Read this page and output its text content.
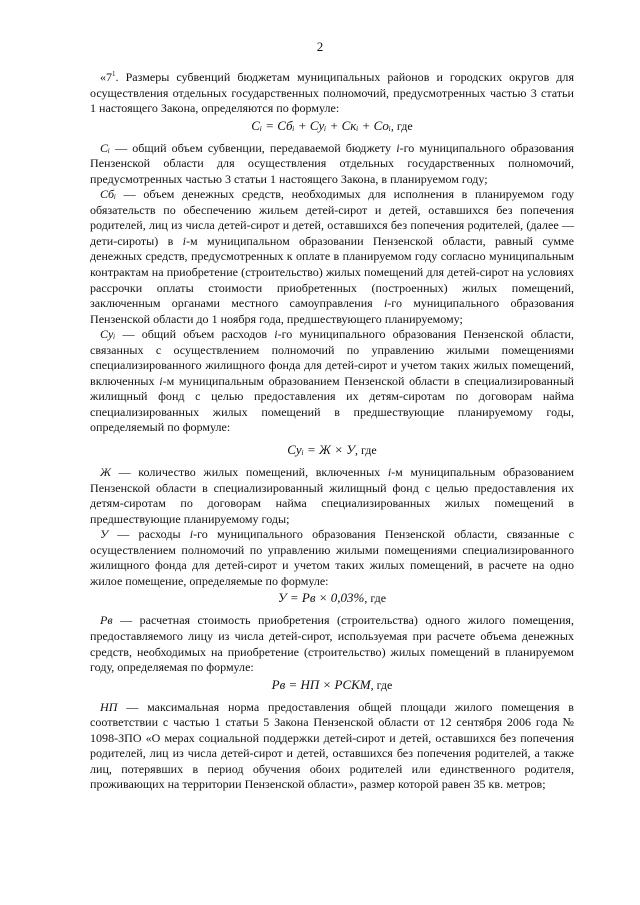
2

«$7^1$. Размеры субвенций бюджетам муниципальных районов и городских округов для осуществления отдельных государственных полномочий, предусмотренных частью 3 статьи 1 настоящего Закона, определяются по формуле:

Cᵢ = Cбᵢ + Cуᵢ + Cкᵢ + Cоᵢ, где

Cᵢ — общий объем субвенции, передаваемой бюджету i-го муниципального образования Пензенской области для осуществления отдельных государственных полномочий, предусмотренных частью 3 статьи 1 настоящего Закона, в планируемом году;

Cбᵢ — объем денежных средств, необходимых для исполнения в планируемом году обязательств по обеспечению жильем детей-сирот и детей, оставшихся без попечения родителей, лиц из числа детей-сирот и детей, оставшихся без попечения родителей, (далее — дети-сироты) в i-м муниципальном образовании Пензенской области, равный сумме денежных средств, предусмотренных к оплате в планируемом году согласно муниципальным контрактам на приобретение (строительство) жилых помещений для детей-сирот на условиях рассрочки оплаты стоимости приобретенных (построенных) жилых помещений, заключенным органами местного самоуправления i-го муниципального образования Пензенской области до 1 ноября года, предшествующего планируемому;

Cуᵢ — общий объем расходов i-го муниципального образования Пензенской области, связанных с осуществлением полномочий по управлению жилыми помещениями специализированного жилищного фонда для детей-сирот и учетом таких жилых помещений, включенных i-м муниципальным образованием Пензенской области в специализированный жилищный фонд с целью предоставления их детям-сиротам по договорам найма специализированных жилых помещений в предшествующие планируемому годы, определяемый по формуле:

Cуᵢ = Ж × У, где

Ж — количество жилых помещений, включенных i-м муниципальным образованием Пензенской области в специализированный жилищный фонд с целью предоставления их детям-сиротам по договорам найма специализированных жилых помещений в предшествующие планируемому годы;

У — расходы i-го муниципального образования Пензенской области, связанные с осуществлением полномочий по управлению жилыми помещениями специализированного жилищного фонда для детей-сирот и учетом таких жилых помещений, в расчете на одно жилое помещение, определяемые по формуле:

У = Рв × 0,03%, где

Рв — расчетная стоимость приобретения (строительства) одного жилого помещения, предоставляемого лицу из числа детей-сирот, используемая при расчете объема денежных средств, необходимых на приобретение (строительство) жилых помещений в планируемом году, определяемая по формуле:

Рв = НП × РСКМ, где

НП — максимальная норма предоставления общей площади жилого помещения в соответствии с частью 1 статьи 5 Закона Пензенской области от 12 сентября 2006 года № 1098-ЗПО «О мерах социальной поддержки детей-сирот и детей, оставшихся без попечения родителей, лиц из числа детей-сирот и детей, оставшихся без попечения родителей, а также лиц, потерявших в период обучения обоих родителей или единственного родителя, проживающих на территории Пензенской области», размер которой равен 35 кв. метров;
